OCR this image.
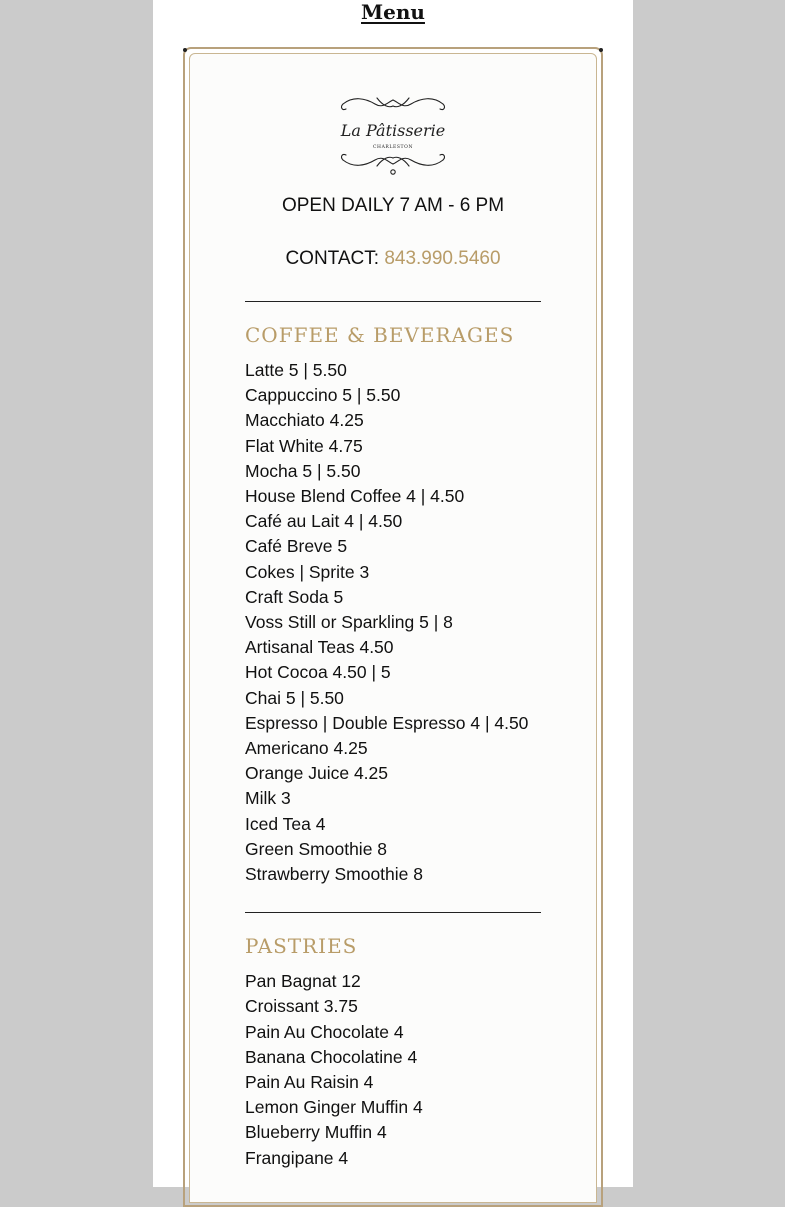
Menu
La Pâtisserie
CHARLESTON
OPEN DAILY 7 AM - 6 PM
CONTACT: 843.990.5460
COFFEE & BEVERAGES
Latte 5 | 5.50
Cappuccino 5 | 5.50
Macchiato 4.25
Flat White 4.75
Mocha 5 | 5.50
House Blend Coffee 4 | 4.50
Café au Lait 4 | 4.50
Café Breve 5
Cokes | Sprite 3
Craft Soda 5
Voss Still or Sparkling 5 | 8
Artisanal Teas 4.50
Hot Cocoa 4.50 | 5
Chai 5 | 5.50
Espresso | Double Espresso 4 | 4.50
Americano 4.25
Orange Juice 4.25
Milk 3
Iced Tea 4
Green Smoothie 8
Strawberry Smoothie 8
PASTRIES
Pan Bagnat 12
Croissant 3.75
Pain Au Chocolate 4
Banana Chocolatine 4
Pain Au Raisin 4
Lemon Ginger Muffin 4
Blueberry Muffin 4
Frangipane 4
